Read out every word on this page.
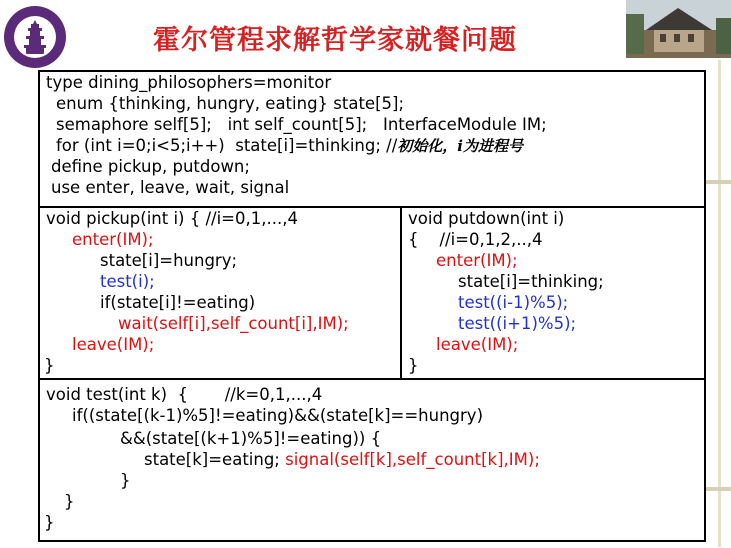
霍尔管程求解哲学家就餐问题

type dining_philosophers=monitor

enum {thinking, hungry, eating} state[5];

semaphore self[5];   int self_count[5];   InterfaceModule IM;

for (int i=0;i<5;i++)  state[i]=thinking; //初始化，i为进程号

define pickup, putdown;

use enter, leave, wait, signal

void pickup(int i) { //i=0,1,...,4

enter(IM);

state[i]=hungry;

test(i);

if(state[i]!=eating)

wait(self[i],self_count[i],IM);

leave(IM);

}

void putdown(int i)

{    //i=0,1,2,..,4

enter(IM);

state[i]=thinking;

test((i-1)%5);

test((i+1)%5);

leave(IM);

}

void test(int k)  {       //k=0,1,...,4

if((state[(k-1)%5]!=eating)&&(state[k]==hungry)

&&(state[(k+1)%5]!=eating)) {

state[k]=eating; signal(self[k],self_count[k],IM);

}

}

}
